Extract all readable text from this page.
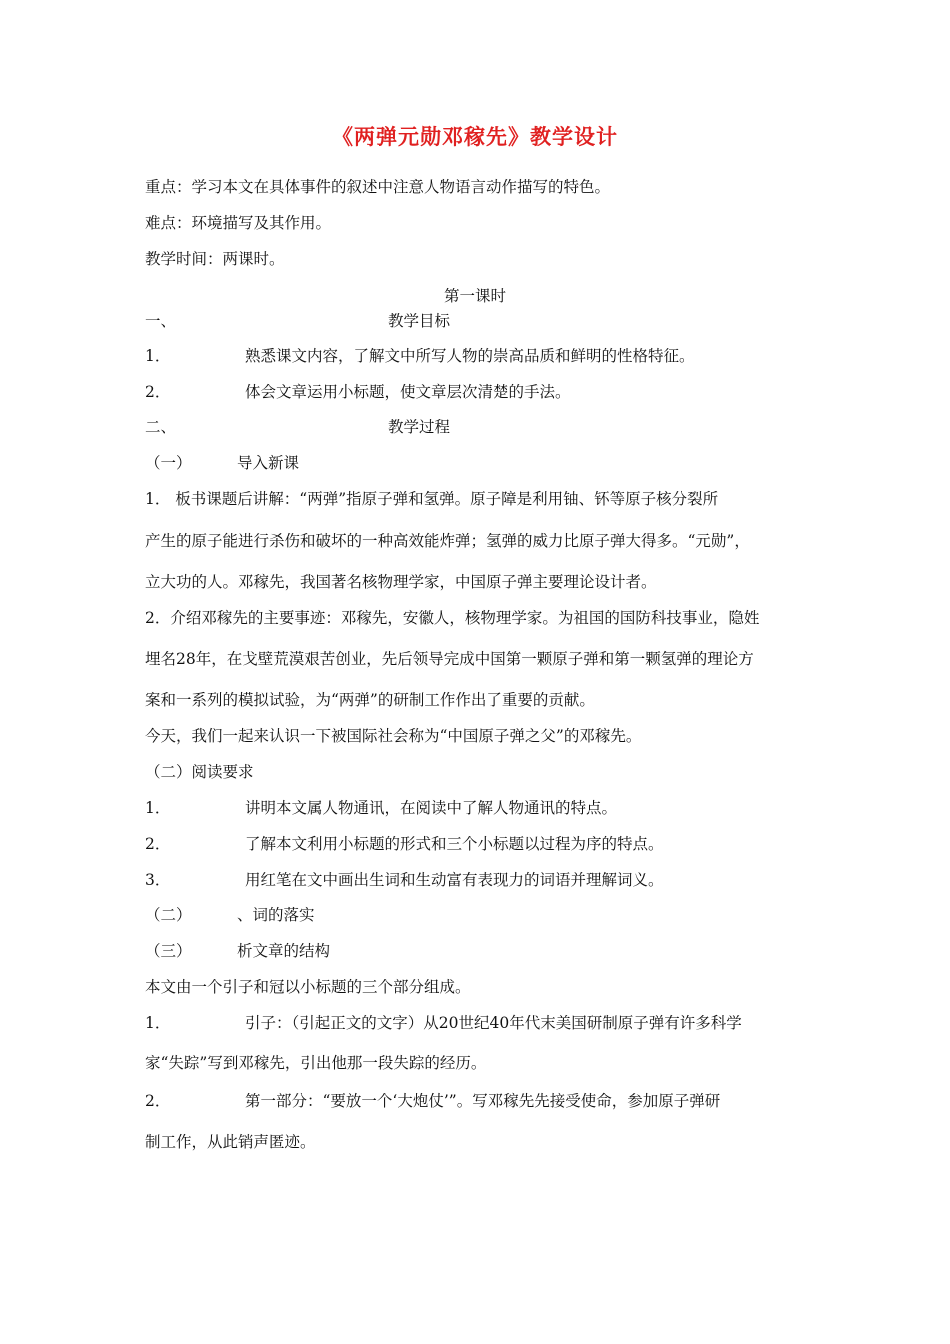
《两弹元勋邓稼先》教学设计
重点：学习本文在具体事件的叙述中注意人物语言动作描写的特色。
难点：环境描写及其作用。
教学时间：两课时。
第一课时
一、	教学目标
1．	熟悉课文内容，了解文中所写人物的崇高品质和鲜明的性格特征。
2．	体会文章运用小标题，使文章层次清楚的手法。
二、	教学过程
（一）	导入新课
1． 板书课题后讲解：“两弹”指原子弹和氢弹。原子障是利用铀、钚等原子核分裂所
产生的原子能进行杀伤和破坏的一种高效能炸弹；氢弹的威力比原子弹大得多。“元勋”，
立大功的人。邓稼先，我国著名核物理学家，中国原子弹主要理论设计者。
2．介绍邓稼先的主要事迹：邓稼先，安徽人，核物理学家。为祖国的国防科技事业，隐姓
埋名28年，在戈壁荒漠艰苦创业，先后领导完成中国第一颗原子弹和第一颗氢弹的理论方
案和一系列的模拟试验，为“两弹”的研制工作作出了重要的贡献。
今天，我们一起来认识一下被国际社会称为“中国原子弹之父”的邓稼先。
（二）阅读要求
1．	讲明本文属人物通讯，在阅读中了解人物通讯的特点。
2．	了解本文利用小标题的形式和三个小标题以过程为序的特点。
3．	用红笔在文中画出生词和生动富有表现力的词语并理解词义。
（二）	、词的落实
（三）	析文章的结构
本文由一个引子和冠以小标题的三个部分组成。
1．	引子：（引起正文的文字）从20世纪40年代末美国研制原子弹有许多科学
家“失踪”写到邓稼先，引出他那一段失踪的经历。
2．	第一部分：“要放一个‘大炮仗’”。写邓稼先先接受使命，参加原子弹研
制工作，从此销声匿迹。
